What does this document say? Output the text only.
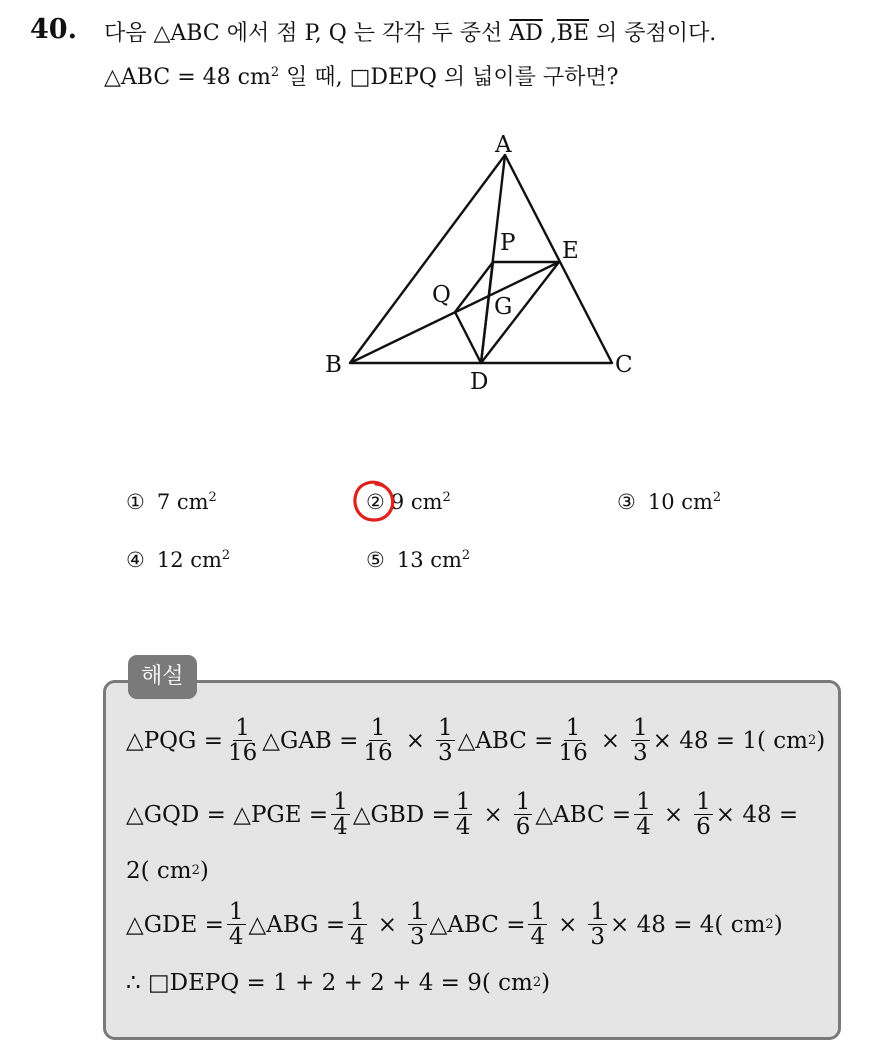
40. 다음 △ABC 에서 점 P, Q 는 각각 두 중선 $\overline{AD}$ $,\overline{BE}$ 의 중점이다.
△ABC = 48 $cm^2$ 일 때, □DEPQ 의 넓이를 구하면?
A
B	C
D
E
P
Q G
① 7 $cm^2$	② 9 $cm^2$	③ 10 $cm^2$
④ 12 $cm^2$	⑤ 13 $cm^2$
해설
△PQG = $\frac{1}{16}$ △GAB = $\frac{1}{16} \times \frac{1}{3}$ △ABC = $\frac{1}{16} \times \frac{1}{3} \times 48 = 1$( cm 2 )
△GQD = △PGE = $\frac{1}{4}$ △GBD = $\frac{1}{4} \times \frac{1}{6}$ △ABC = $\frac{1}{4} \times \frac{1}{6} \times 48$ =
2( cm 2 )
△GDE = $\frac{1}{4}$ △ABG = $\frac{1}{4} \times \frac{1}{3}$ △ABC = $\frac{1}{4} \times \frac{1}{3} \times 48 = 4$( cm 2 )
∴ □DEPQ = 1 + 2 + 2 + 4 = 9( cm 2 )
